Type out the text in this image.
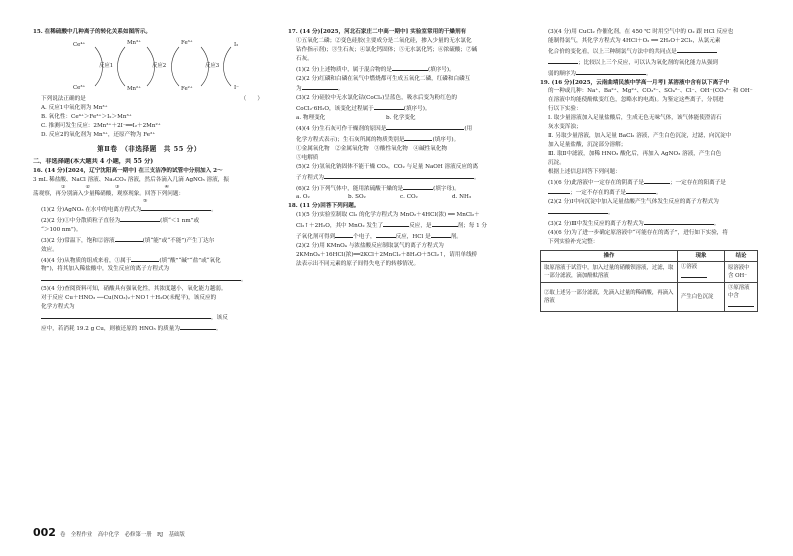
15. 在稀硫酸中几种离子的转化关系如图所示。
Ce⁴⁺
Ce³⁺
Mn³⁺
Mn²⁺
Fe³⁺
Fe²⁺
I₂
I⁻
反应1	反应2	反应3
下列说法正确的是	（　　）
A. 反应1中氧化剂为 Mn³⁺
B. 氧化性：Ce⁴⁺＞Fe³⁺＞I₂＞Mn³⁺
C. 推测可发生反应：2Mn³⁺＋2I⁻══I₂＋2Mn²⁺
D. 反应2的氧化剂为 Mn³⁺，还原产物为 Fe²⁺
第Ⅱ卷　（非选择题　共 55 分）
二、非选择题(本大题共 4 小题，共 55 分)
16. (14 分)[2024，辽宁沈阳高一期中] 在三支洁净的试管中分别加入 2～
3 mL 稀盐酸、NaCl 溶液、Na₂CO₃ 溶液，然后各滴入几滴 AgNO₃ 溶液，振
①　　　　②　　　　　③　　　　　　　　　④
荡观察，再分别滴入少量稀硝酸，观察现象。回答下列问题：
⑤
(1)(2 分)AgNO₃ 在水中的电离方程式为	。
(2)(2 分)①中分散质粒子直径为	(填“＜1 nm”或
“＞100 nm”)。
(3)(2 分)常温下，饱和②溶液	(填“能”或“不能”)产生丁达尔
效应。
(4)(4 分)从物质的组成来看，①属于	(填“酸”“碱”“盐”或“氧化
物”)，将其加入稀盐酸中，发生反应的离子方程式为
。
(5)(4 分)查阅资料可知，硝酸具有强氧化性，其浓度越小，氧化能力越弱。
对于反应 Cu＋HNO₃ ──Cu(NO₃)₂＋NO↑＋H₂O(未配平)，该反应的
化学方程式为
，该反
应中，若消耗 19.2 g Cu，则被还原的 HNO₃ 的质量为	。
17. (14 分)[2025，河北石家庄二中高一期中] 实验室常用的干燥剂有
①五氧化二磷；②变色硅胶(主要成分是二氧化硅，掺入少量的无水氯化
钴作指示剂)；③生石灰；④氯化钙固体；⑤无水氯化钙；⑥浓硫酸；⑦碱
石灰。
(1)(2 分)上述物质中，属于混合物的是	(填序号)。
(2)(2 分)红磷和白磷在氧气中燃烧都可生成五氧化二磷，红磷和白磷互
为	。
(3)(2 分)硅胶中无水氯化钴(CoCl₂)呈蓝色，吸水后变为粉红色的
CoCl₂·6H₂O，该变化过程属于	(填序号)。
a. 物理变化	b. 化学变化
(4)(4 分)生石灰可作干燥剂的原因是	(用
化学方程式表示)；生石灰所属的物质类别是	(填序号)。
①金属氧化物　②金属氧化物　③酸性氧化物　④碱性氧化物
⑤电解质
(5)(2 分)氢氧化钠固体不能干燥 CO₂，CO₂ 与足量 NaOH 溶液反应的离
子方程式为	。
(6)(2 分)下列气体中，能用浓硫酸干燥的是	(填字母)。
a. O₂	b. SO₂	c. CO₂	d. NH₃
18. (11 分)回答下列问题。
(1)(5 分)实验室制取 Cl₂ 的化学方程式为 MnO₂＋4HCl(浓) ══ MnCl₂＋
Cl₂↑＋2H₂O，其中 MnO₂ 发生了	反应，是	剂；每 1 分
子氧化剂可得到	个电子，	反应，HCl 是	剂。
(2)(2 分)用 KMnO₄ 与浓盐酸反应制取氯气的离子方程式为
2KMnO₄＋16HCl(浓)══2KCl＋2MnCl₂＋8H₂O＋5Cl₂↑，请用单线桥
法表示出不同元素的原子间得失电子的转移情况。
(3)(4 分)用 CuCl₂ 作催化剂，在 450 ℃ 时用空气中的 O₂ 跟 HCl 反应也
能制得氯气，其化学方程式为 4HCl＋O₂ ══ 2H₂O＋2Cl₂，从氯元素
化合价的变化看，以上三种制氯气方法中的共同点是
；比较以上三个反应，可以认为氧化剂的氧化能力从强到
弱的顺序为	。
19. (16 分)[2025，云南曲靖民族中学高一月考] 某溶液中含有以下离子中
的一种或几种：Na⁺、Ba²⁺、Mg²⁺、CO₃²⁻、SO₄²⁻、Cl⁻、OH⁻(CO₃²⁻ 和 OH⁻
在溶液中均能使酚酞变红色，忽略水的电离)。为鉴定这些离子，分别进
行以下实验：
Ⅰ. 取少量溶液加入足量盐酸后，生成无色无味气体，该气体能使澄清石
灰水变浑浊；
Ⅱ. 另取少量溶液，加入足量 BaCl₂ 溶液，产生白色沉淀，过滤，向沉淀中
加入足量盐酸，沉淀部分溶解；
Ⅲ. 取Ⅱ中滤液，加稀 HNO₃ 酸化后，再加入 AgNO₃ 溶液，产生白色
沉淀。
根据上述信息回答下列问题：
(1)(6 分)此溶液中一定存在的阴离子是	；一定存在的阳离子是
；一定不存在的离子是	。
(2)(2 分)Ⅰ中向沉淀中加入足量盐酸产生气体发生反应的离子方程式为
。
(3)(2 分)Ⅲ中发生反应的离子方程式为	。
(4)(6 分)为了进一步确定原溶液中“可能存在的离子”，进行如下实验，将
下列实验补充完整：
操作	现象	结论
取原溶液于试管中，加入过量的硝酸钡溶液，过滤，取一部分滤液，滴加酚酞溶液	①溶液	原溶液中含 OH⁻
②取上述另一部分滤液，先滴入过量的稀硝酸，再滴入　　　　溶液	产生白色沉淀	③原溶液中含

002 卷　全程作业　高中化学　必修第一册　RJ　基础版
